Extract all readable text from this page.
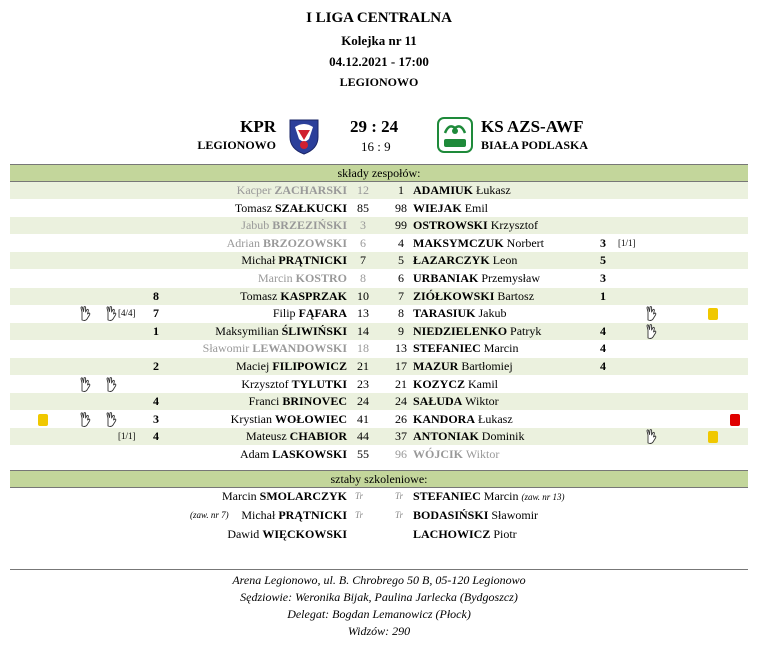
I LIGA CENTRALNA
Kolejka nr 11
04.12.2021 - 17:00
LEGIONOWO
KPR
LEGIONOWO
29 : 24
16 : 9
KS AZS-AWF
BIAŁA PODLASKA
składy zespołów:
Kacper ZACHARSKI 12	1 ADAMIUK Łukasz
Tomasz SZAŁKUCKI 85 98 WIEJAK Emil
Jabub BRZEZIŃSKI	3	99 OSTROWSKI Krzysztof
Adrian BRZOZOWSKI	6	4 MAKSYMCZUK Norbert	3	[1/1]
Michał PRĄTNICKI	7	5 ŁAZARCZYK Leon	5
Marcin KOSTRO	8	6 URBANIAK Przemysław	3
8	Tomasz KASPRZAK 10	7 ZIÓŁKOWSKI Bartosz	1
[4/4] 7	Filip FĄFARA 13	8 TARASIUK Jakub
1	Maksymilian ŚLIWIŃSKI 14	9 NIEDZIELENKO Patryk	4
Sławomir LEWANDOWSKI 18 13 STEFANIEC Marcin	4
2	Maciej FILIPOWICZ 21 17 MAZUR Bartłomiej	4
Krzysztof TYLUTKI 23 21 KOZYCZ Kamil
4	Franci BRINOVEC 24 24 SAŁUDA Wiktor
3	Krystian WOŁOWIEC 41 26 KANDORA Łukasz
[1/1] 4	Mateusz CHABIOR 44 37 ANTONIAK Dominik
Adam LASKOWSKI 55 96 WÓJCIK Wiktor
sztaby szkoleniowe:
Marcin SMOLARCZYK Tr	Tr STEFANIEC Marcin (zaw. nr 13)
(zaw. nr 7) Michał PRĄTNICKI Tr	Tr BODASIŃSKI Sławomir
Dawid WIĘCKOWSKI	LACHOWICZ Piotr
Arena Legionowo, ul. B. Chrobrego 50 B, 05-120 Legionowo
Sędziowie: Weronika Bijak, Paulina Jarlecka (Bydgoszcz)
Delegat: Bogdan Lemanowicz (Płock)
Widzów: 290
